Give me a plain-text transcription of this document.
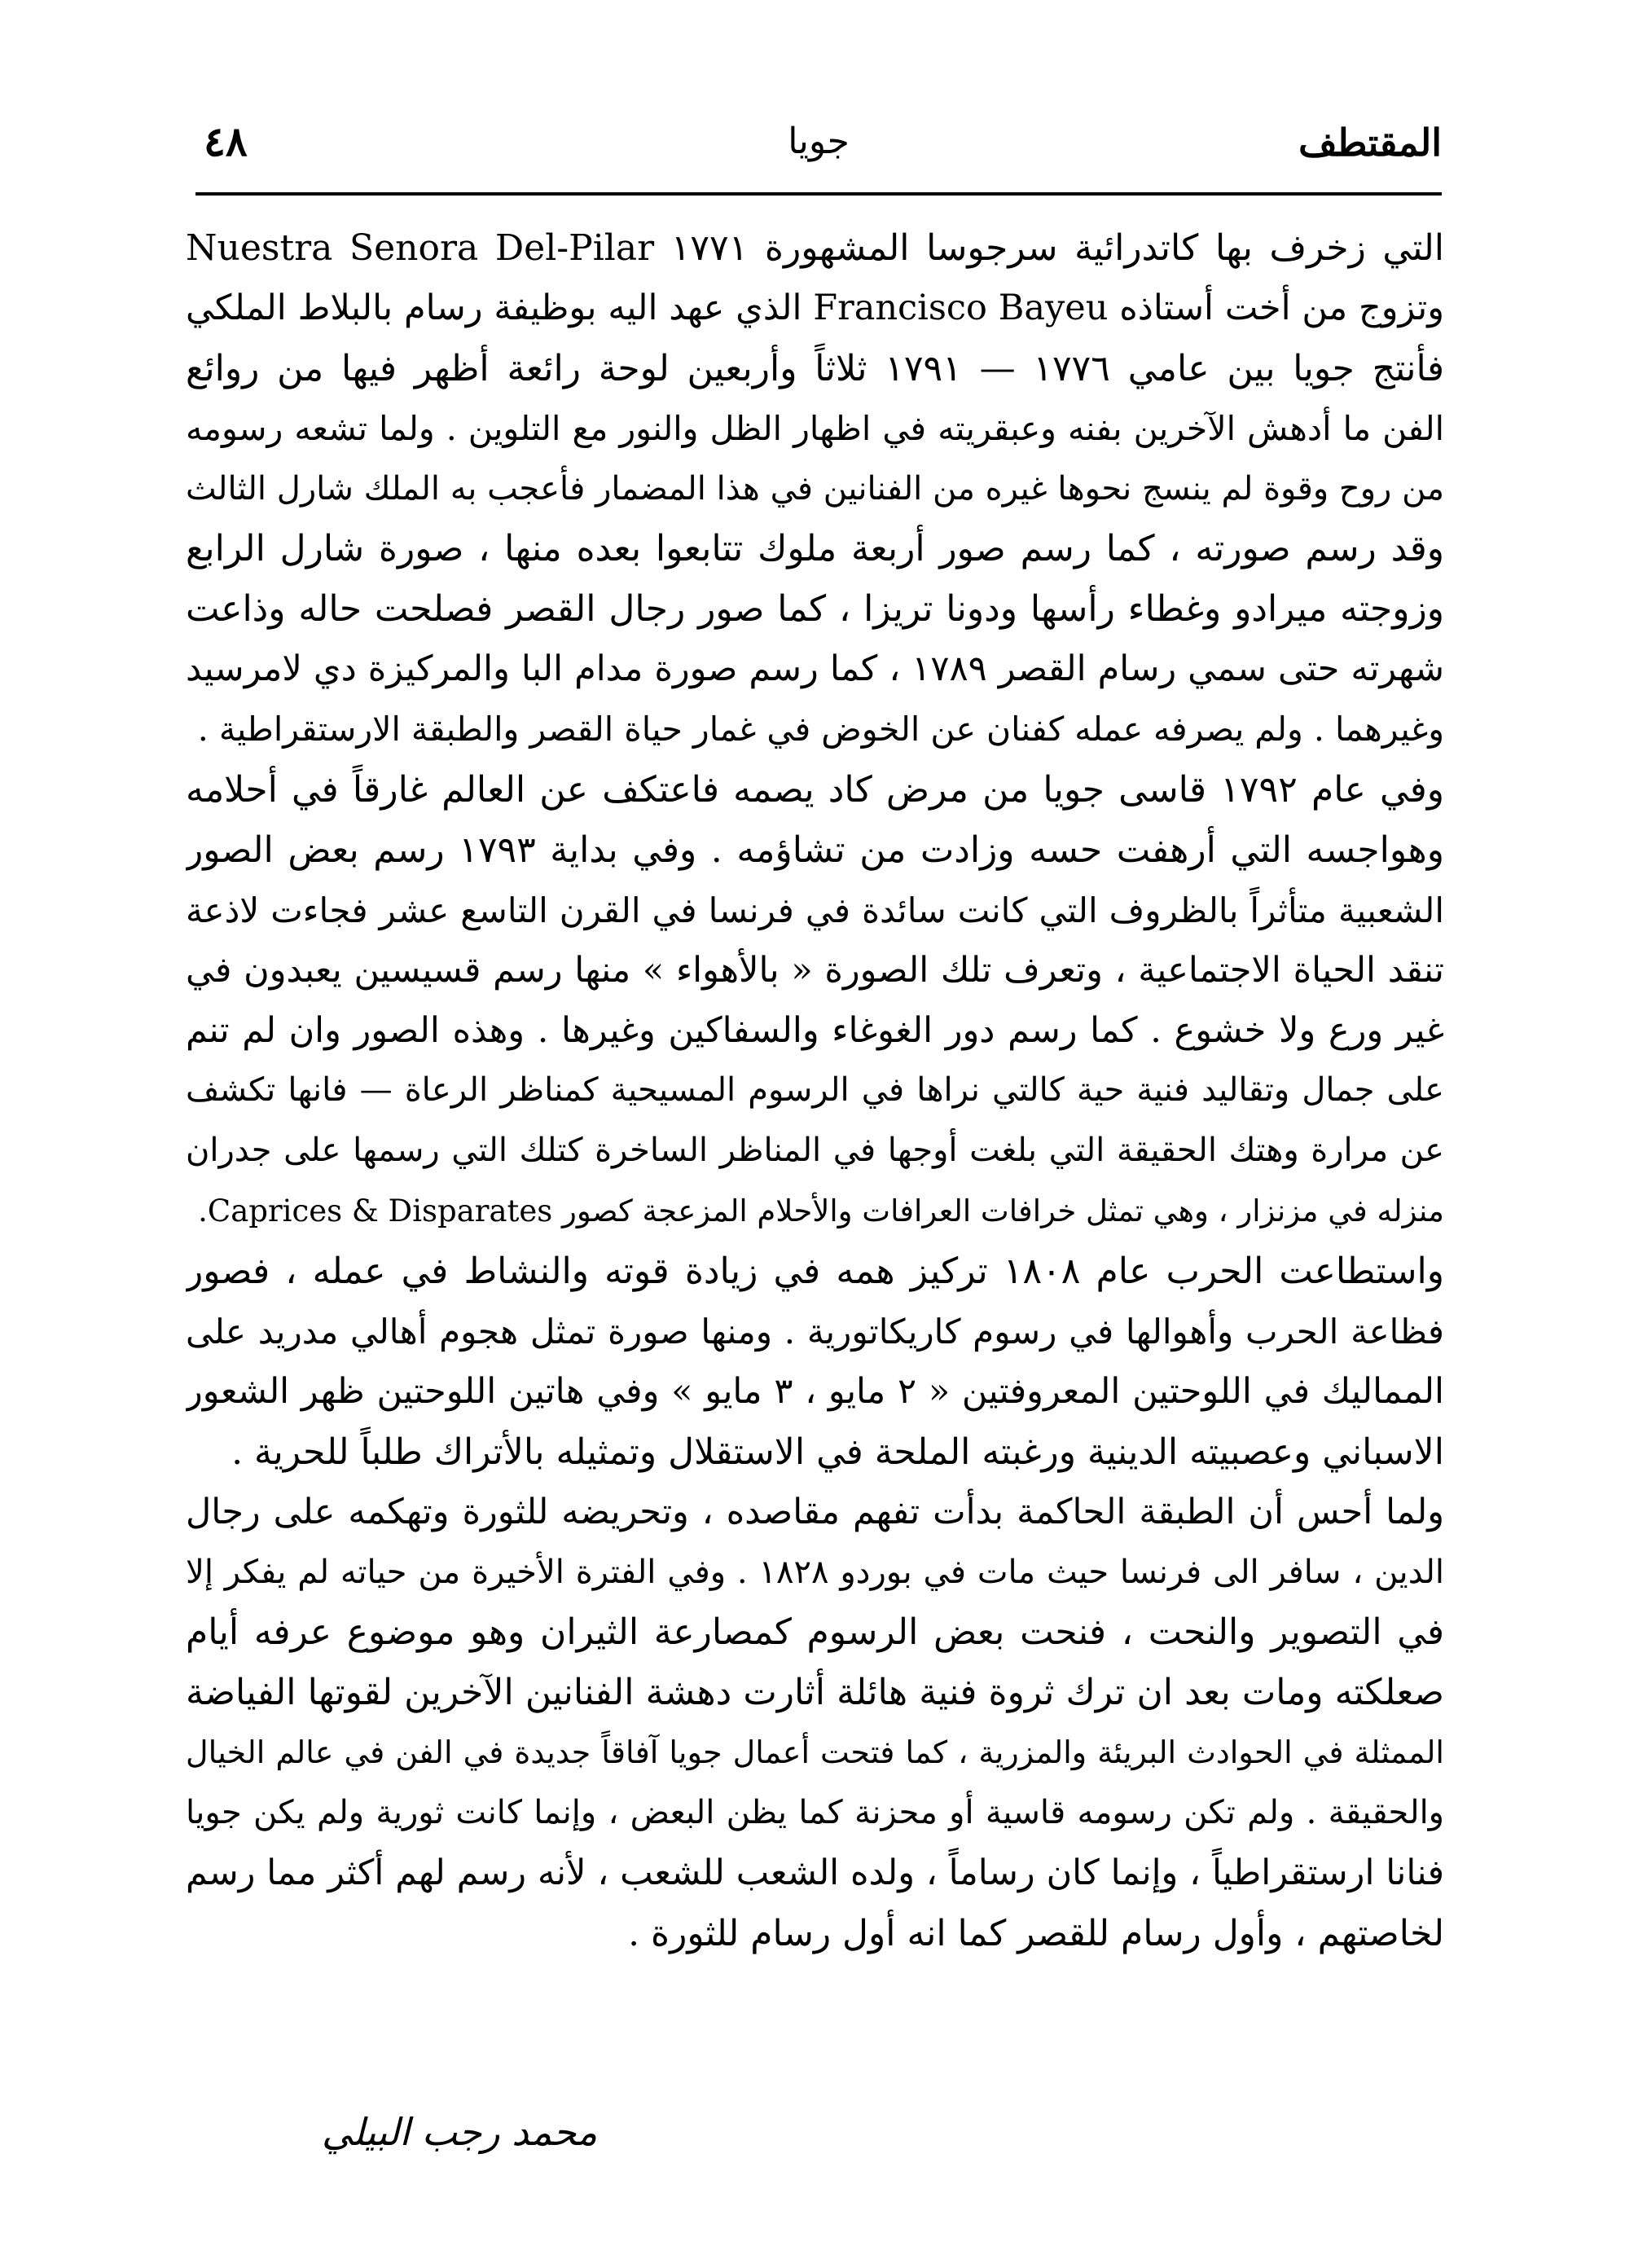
المقتطف
جويا
٤٨
التي زخرف بها كاتدرائية سرجوسا المشهورة ١٧٧١ Nuestra Senora Del-Pilar
وتزوج من أخت أستاذه Francisco Bayeu الذي عهد اليه بوظيفة رسام بالبلاط الملكي
فأنتج جويا بين عامي ١٧٧٦ — ١٧٩١ ثلاثاً وأربعين لوحة رائعة أظهر فيها من روائع
الفن ما أدهش الآخرين بفنه وعبقريته في اظهار الظل والنور مع التلوين . ولما تشعه رسومه
من روح وقوة لم ينسج نحوها غيره من الفنانين في هذا المضمار فأعجب به الملك شارل الثالث
وقد رسم صورته ، كما رسم صور أربعة ملوك تتابعوا بعده منها ، صورة شارل الرابع
وزوجته ميرادو وغطاء رأسها ودونا تريزا ، كما صور رجال القصر فصلحت حاله وذاعت
شهرته حتى سمي رسام القصر ١٧٨٩ ، كما رسم صورة مدام البا والمركيزة دي لامرسيد
وغيرهما . ولم يصرفه عمله كفنان عن الخوض في غمار حياة القصر والطبقة الارستقراطية .
وفي عام ١٧٩٢ قاسى جويا من مرض كاد يصمه فاعتكف عن العالم غارقاً في أحلامه
وهواجسه التي أرهفت حسه وزادت من تشاؤمه . وفي بداية ١٧٩٣ رسم بعض الصور
الشعبية متأثراً بالظروف التي كانت سائدة في فرنسا في القرن التاسع عشر فجاءت لاذعة
تنقد الحياة الاجتماعية ، وتعرف تلك الصورة « بالأهواء » منها رسم قسيسين يعبدون في
غير ورع ولا خشوع . كما رسم دور الغوغاء والسفاكين وغيرها . وهذه الصور وان لم تنم
على جمال وتقاليد فنية حية كالتي نراها في الرسوم المسيحية كمناظر الرعاة — فانها تكشف
عن مرارة وهتك الحقيقة التي بلغت أوجها في المناظر الساخرة كتلك التي رسمها على جدران
منزله في مزنزار ، وهي تمثل خرافات العرافات والأحلام المزعجة كصور Caprices & Disparates.
واستطاعت الحرب عام ١٨٠٨ تركيز همه في زيادة قوته والنشاط في عمله ، فصور
فظاعة الحرب وأهوالها في رسوم كاريكاتورية . ومنها صورة تمثل هجوم أهالي مدريد على
المماليك في اللوحتين المعروفتين « ٢ مايو ، ٣ مايو » وفي هاتين اللوحتين ظهر الشعور
الاسباني وعصبيته الدينية ورغبته الملحة في الاستقلال وتمثيله بالأتراك طلباً للحرية .
ولما أحس أن الطبقة الحاكمة بدأت تفهم مقاصده ، وتحريضه للثورة وتهكمه على رجال
الدين ، سافر الى فرنسا حيث مات في بوردو ١٨٢٨ . وفي الفترة الأخيرة من حياته لم يفكر إلا
في التصوير والنحت ، فنحت بعض الرسوم كمصارعة الثيران وهو موضوع عرفه أيام
صعلكته ومات بعد ان ترك ثروة فنية هائلة أثارت دهشة الفنانين الآخرين لقوتها الفياضة
الممثلة في الحوادث البريئة والمزرية ، كما فتحت أعمال جويا آفاقاً جديدة في الفن في عالم الخيال
والحقيقة . ولم تكن رسومه قاسية أو محزنة كما يظن البعض ، وإنما كانت ثورية ولم يكن جويا
فنانا ارستقراطياً ، وإنما كان رساماً ، ولده الشعب للشعب ، لأنه رسم لهم أكثر مما رسم
لخاصتهم ، وأول رسام للقصر كما انه أول رسام للثورة .
محمد رجب البيلي
